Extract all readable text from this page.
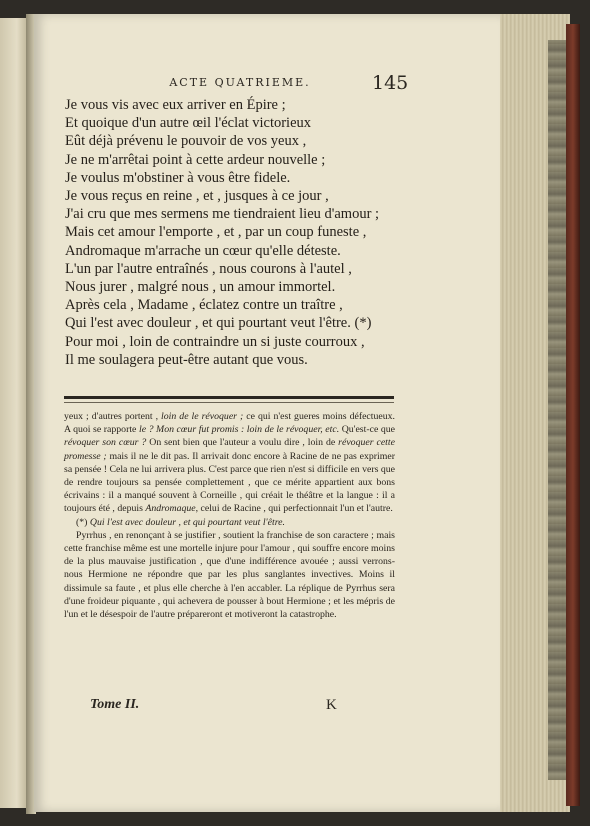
ACTE QUATRIEME.	145
Je vous vis avec eux arriver en Épire ;
Et quoique d'un autre œil l'éclat victorieux
Eût déjà prévenu le pouvoir de vos yeux ,
Je ne m'arrêtai point à cette ardeur nouvelle ;
Je voulus m'obstiner à vous être fidele.
Je vous reçus en reine , et , jusques à ce jour ,
J'ai cru que mes sermens me tiendraient lieu d'amour ;
Mais cet amour l'emporte , et , par un coup funeste ,
Andromaque m'arrache un cœur qu'elle déteste.
L'un par l'autre entraînés , nous courons à l'autel ,
Nous jurer , malgré nous , un amour immortel.
Après cela , Madame , éclatez contre un traître ,
Qui l'est avec douleur , et qui pourtant veut l'être. (*)
Pour moi , loin de contraindre un si juste courroux ,
Il me soulagera peut-être autant que vous.

yeux ; d'autres portent , loin de le révoquer ; ce qui n'est gueres moins défectueux. A quoi se rapporte le ? Mon cœur fut promis : loin de le révoquer, etc. Qu'est-ce que révoquer son cœur ? On sent bien que l'auteur a voulu dire , loin de révoquer cette promesse ; mais il ne le dit pas. Il arrivait donc encore à Racine de ne pas exprimer sa pensée ! Cela ne lui arrivera plus. C'est parce que rien n'est si difficile en vers que de rendre toujours sa pensée complettement , que ce mérite appartient aux bons écrivains : il a manqué souvent à Corneille , qui créait le théâtre et la langue : il a toujours été , depuis Andromaque, celui de Racine , qui perfectionnait l'un et l'autre.

(*) Qui l'est avec douleur , et qui pourtant veut l'être.

Pyrrhus , en renonçant à se justifier , soutient la franchise de son caractere ; mais cette franchise même est une mortelle injure pour l'amour , qui souffre encore moins de la plus mauvaise justification , que d'une indifférence avouée ; aussi verrons-nous Hermione ne répondre que par les plus sanglantes invectives. Moins il dissimule sa faute , et plus elle cherche à l'en accabler. La réplique de Pyrrhus sera d'une froideur piquante , qui achevera de pousser à bout Hermione ; et les mépris de l'un et le désespoir de l'autre prépareront et motiveront la catastrophe.

Tome II.	K
